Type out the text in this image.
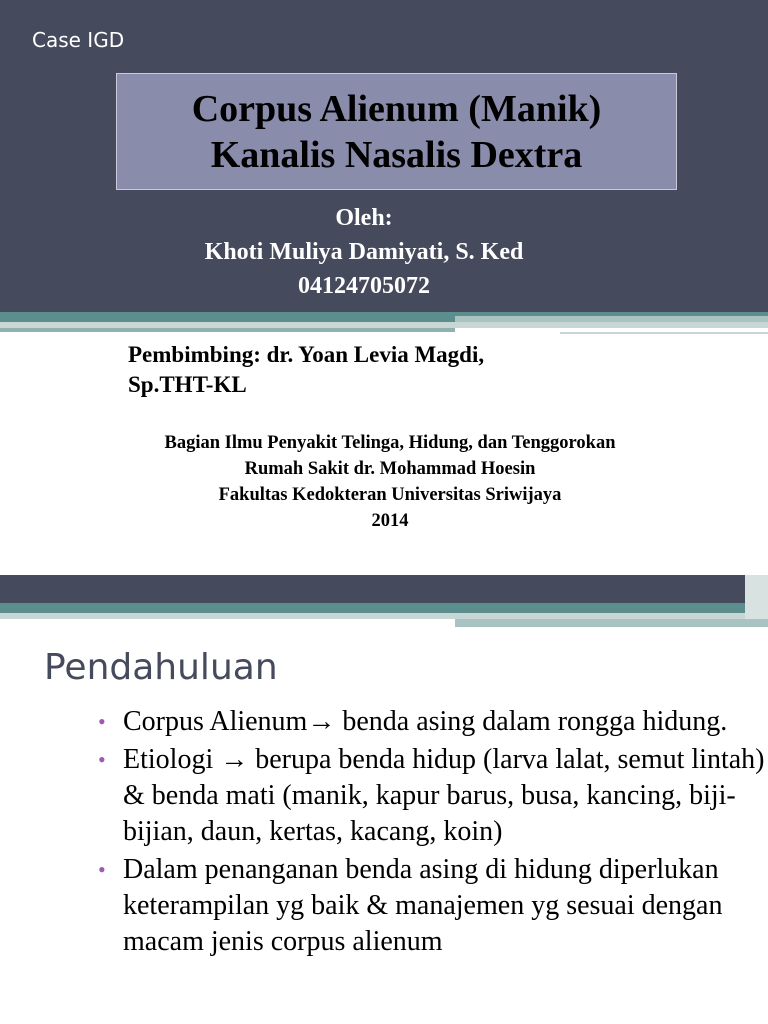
Case IGD
Corpus Alienum (Manik)
Kanalis Nasalis Dextra
Oleh:
Khoti Muliya Damiyati, S. Ked
04124705072
Pembimbing: dr. Yoan Levia Magdi,
Sp.THT-KL
Bagian Ilmu Penyakit Telinga, Hidung, dan Tenggorokan
Rumah Sakit dr. Mohammad Hoesin
Fakultas Kedokteran Universitas Sriwijaya
2014
Pendahuluan
• Corpus Alienum→ benda asing dalam rongga hidung.
• Etiologi → berupa benda hidup (larva lalat, semut lintah) & benda mati (manik, kapur barus, busa, kancing, biji-bijian, daun, kertas, kacang, koin)
• Dalam penanganan benda asing di hidung diperlukan keterampilan yg baik & manajemen yg sesuai dengan macam jenis corpus alienum
